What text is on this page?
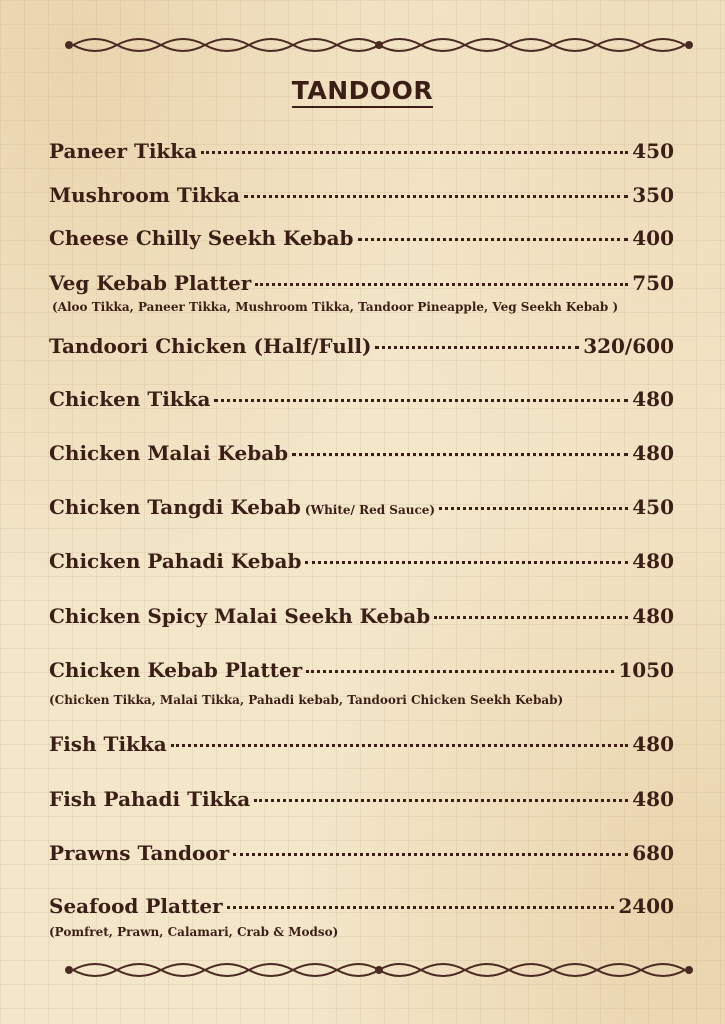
TANDOOR
Paneer Tikka	450
Mushroom Tikka	350
Cheese Chilly Seekh Kebab	400
Veg Kebab Platter	750
(Aloo Tikka, Paneer Tikka, Mushroom Tikka, Tandoor Pineapple, Veg Seekh Kebab )
Tandoori Chicken (Half/Full)	320/600
Chicken Tikka	480
Chicken Malai Kebab	480
Chicken Tangdi Kebab (White/ Red Sauce)	450
Chicken Pahadi Kebab	480
Chicken Spicy Malai Seekh Kebab	480
Chicken Kebab Platter	1050
(Chicken Tikka, Malai Tikka, Pahadi kebab, Tandoori Chicken Seekh Kebab)
Fish Tikka	480
Fish Pahadi Tikka	480
Prawns Tandoor	680
Seafood Platter	2400
(Pomfret, Prawn, Calamari, Crab & Modso)
